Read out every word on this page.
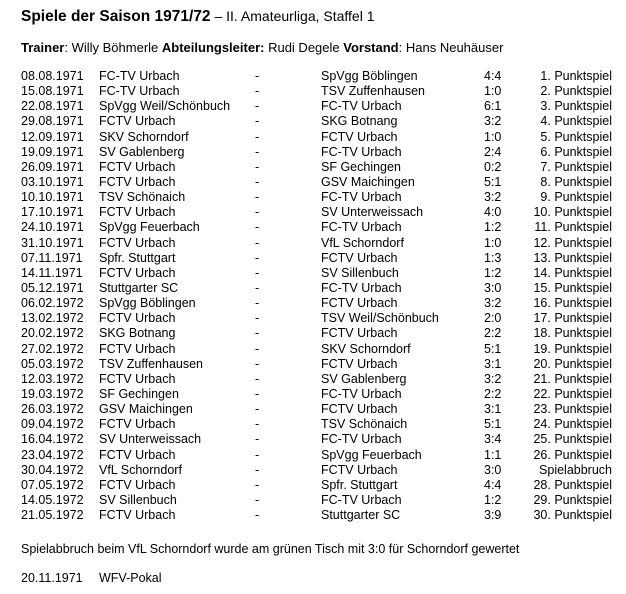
Spiele der Saison 1971/72 – II. Amateurliga, Staffel 1
Trainer: Willy Böhmerle Abteilungsleiter: Rudi Degele Vorstand: Hans Neuhäuser
08.08.1971 FC-TV Urbach	-	SpVgg Böblingen	4:4	1. Punktspiel
15.08.1971 FC-TV Urbach	-	TSV Zuffenhausen	1:0	2. Punktspiel
22.08.1971 SpVgg Weil/Schönbuch -	FC-TV Urbach	6:1	3. Punktspiel
29.08.1971 FCTV Urbach	-	SKG Botnang	3:2	4. Punktspiel
12.09.1971 SKV Schorndorf	-	FCTV Urbach	1:0	5. Punktspiel
19.09.1971 SV Gablenberg	-	FC-TV Urbach	2:4	6. Punktspiel
26.09.1971 FCTV Urbach	-	SF Gechingen	0:2	7. Punktspiel
03.10.1971 FCTV Urbach	-	GSV Maichingen	5:1	8. Punktspiel
10.10.1971 TSV Schönaich	-	FC-TV Urbach	3:2	9. Punktspiel
17.10.1971 FCTV Urbach	-	SV Unterweissach	4:0	10. Punktspiel
24.10.1971 SpVgg Feuerbach	-	FC-TV Urbach	1:2	11. Punktspiel
31.10.1971 FCTV Urbach	-	VfL Schorndorf	1:0	12. Punktspiel
07.11.1971 Spfr. Stuttgart	-	FCTV Urbach	1:3	13. Punktspiel
14.11.1971 FCTV Urbach	-	SV Sillenbuch	1:2	14. Punktspiel
05.12.1971 Stuttgarter SC	-	FC-TV Urbach	3:0	15. Punktspiel
06.02.1972 SpVgg Böblingen	-	FCTV Urbach	3:2	16. Punktspiel
13.02.1972 FCTV Urbach	-	TSV Weil/Schönbuch	2:0	17. Punktspiel
20.02.1972 SKG Botnang	-	FCTV Urbach	2:2	18. Punktspiel
27.02.1972 FCTV Urbach	-	SKV Schorndorf	5:1	19. Punktspiel
05.03.1972 TSV Zuffenhausen	-	FCTV Urbach	3:1	20. Punktspiel
12.03.1972 FCTV Urbach	-	SV Gablenberg	3:2	21. Punktspiel
19.03.1972 SF Gechingen	-	FC-TV Urbach	2:2	22. Punktspiel
26.03.1972 GSV Maichingen	-	FCTV Urbach	3:1	23. Punktspiel
09.04.1972 FCTV Urbach	-	TSV Schönaich	5:1	24. Punktspiel
16.04.1972 SV Unterweissach	-	FC-TV Urbach	3:4	25. Punktspiel
23.04.1972 FCTV Urbach	-	SpVgg Feuerbach	1:1	26. Punktspiel
30.04.1972 VfL Schorndorf	-	FCTV Urbach	3:0	Spielabbruch
07.05.1972 FCTV Urbach	-	Spfr. Stuttgart	4:4	28. Punktspiel
14.05.1972 SV Sillenbuch	-	FC-TV Urbach	1:2	29. Punktspiel
21.05.1972 FCTV Urbach	-	Stuttgarter SC	3:9	30. Punktspiel
Spielabbruch beim VfL Schorndorf wurde am grünen Tisch mit 3:0 für Schorndorf gewertet
20.11.1971 WFV-Pokal
